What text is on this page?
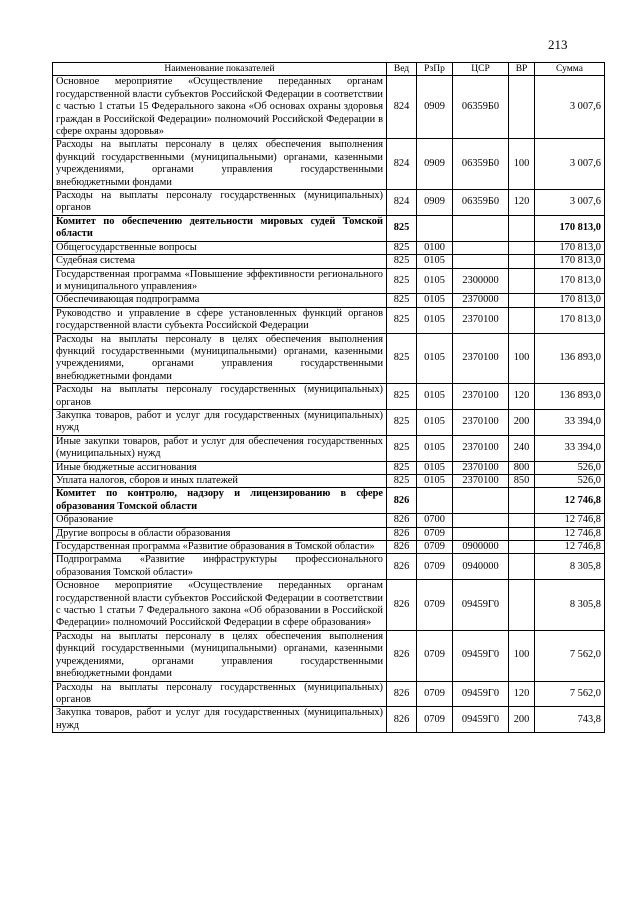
213
Наименование показателей	Вед	РзПр	ЦСР	ВР	Сумма
Основное мероприятие «Осуществление переданных органам государственной власти субъектов Российской Федерации в соответствии с частью 1 статьи 15 Федерального закона «Об основах охраны здоровья граждан в Российской Федерации» полномочий Российской Федерации в сфере охраны здоровья»	824	0909	06359Б0		3 007,6
Расходы на выплаты персоналу в целях обеспечения выполнения функций государственными (муниципальными) органами, казенными учреждениями, органами управления государственными внебюджетными фондами	824	0909	06359Б0	100	3 007,6
Расходы на выплаты персоналу государственных (муниципальных) органов	824	0909	06359Б0	120	3 007,6
Комитет по обеспечению деятельности мировых судей Томской области	825				170 813,0
Общегосударственные вопросы	825	0100			170 813,0
Судебная система	825	0105			170 813,0
Государственная программа «Повышение эффективности регионального и муниципального управления»	825	0105	2300000		170 813,0
Обеспечивающая подпрограмма	825	0105	2370000		170 813,0
Руководство и управление в сфере установленных функций органов государственной власти субъекта Российской Федерации	825	0105	2370100		170 813,0
Расходы на выплаты персоналу в целях обеспечения выполнения функций государственными (муниципальными) органами, казенными учреждениями, органами управления государственными внебюджетными фондами	825	0105	2370100	100	136 893,0
Расходы на выплаты персоналу государственных (муниципальных) органов	825	0105	2370100	120	136 893,0
Закупка товаров, работ и услуг для государственных (муниципальных) нужд	825	0105	2370100	200	33 394,0
Иные закупки товаров, работ и услуг для обеспечения государственных (муниципальных) нужд	825	0105	2370100	240	33 394,0
Иные бюджетные ассигнования	825	0105	2370100	800	526,0
Уплата налогов, сборов и иных платежей	825	0105	2370100	850	526,0
Комитет по контролю, надзору и лицензированию в сфере образования Томской области	826				12 746,8
Образование	826	0700			12 746,8
Другие вопросы в области образования	826	0709			12 746,8
Государственная программа «Развитие образования в Томской области»	826	0709	0900000		12 746,8
Подпрограмма «Развитие инфраструктуры профессионального образования Томской области»	826	0709	0940000		8 305,8
Основное мероприятие «Осуществление переданных органам государственной власти субъектов Российской Федерации в соответствии с частью 1 статьи 7 Федерального закона «Об образовании в Российской Федерации» полномочий Российской Федерации в сфере образования»	826	0709	09459Г0		8 305,8
Расходы на выплаты персоналу в целях обеспечения выполнения функций государственными (муниципальными) органами, казенными учреждениями, органами управления государственными внебюджетными фондами	826	0709	09459Г0	100	7 562,0
Расходы на выплаты персоналу государственных (муниципальных) органов	826	0709	09459Г0	120	7 562,0
Закупка товаров, работ и услуг для государственных (муниципальных) нужд	826	0709	09459Г0	200	743,8
